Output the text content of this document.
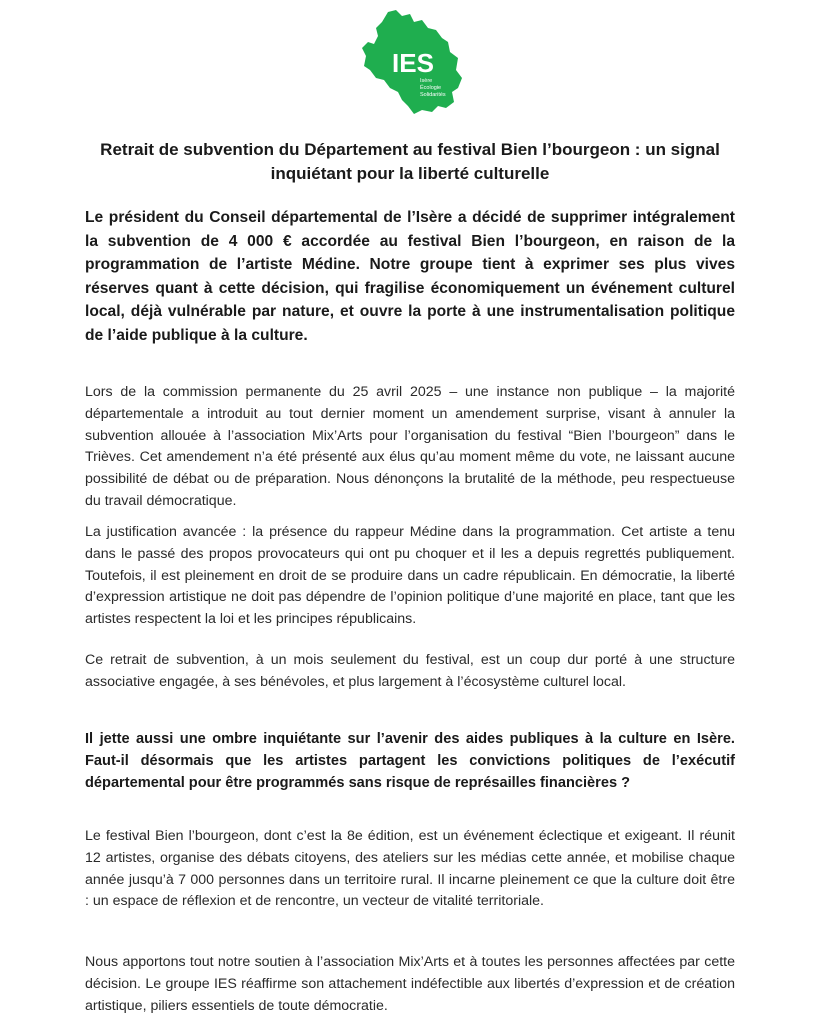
IES
Isère
Écologie
Solidarités
Retrait de subvention du Département au festival Bien l’bourgeon : un signal inquiétant pour la liberté culturelle

Le président du Conseil départemental de l’Isère a décidé de supprimer intégralement la subvention de 4 000 € accordée au festival Bien l’bourgeon, en raison de la programmation de l’artiste Médine. Notre groupe tient à exprimer ses plus vives réserves quant à cette décision, qui fragilise économiquement un événement culturel local, déjà vulnérable par nature, et ouvre la porte à une instrumentalisation politique de l’aide publique à la culture.

Lors de la commission permanente du 25 avril 2025 – une instance non publique – la majorité départementale a introduit au tout dernier moment un amendement surprise, visant à annuler la subvention allouée à l’association Mix’Arts pour l’organisation du festival “Bien l’bourgeon” dans le Trièves. Cet amendement n’a été présenté aux élus qu’au moment même du vote, ne laissant aucune possibilité de débat ou de préparation. Nous dénonçons la brutalité de la méthode, peu respectueuse du travail démocratique.

La justification avancée : la présence du rappeur Médine dans la programmation. Cet artiste a tenu dans le passé des propos provocateurs qui ont pu choquer et il les a depuis regrettés publiquement. Toutefois, il est pleinement en droit de se produire dans un cadre républicain. En démocratie, la liberté d’expression artistique ne doit pas dépendre de l’opinion politique d’une majorité en place, tant que les artistes respectent la loi et les principes républicains.

Ce retrait de subvention, à un mois seulement du festival, est un coup dur porté à une structure associative engagée, à ses bénévoles, et plus largement à l’écosystème culturel local.

Il jette aussi une ombre inquiétante sur l’avenir des aides publiques à la culture en Isère. Faut-il désormais que les artistes partagent les convictions politiques de l’exécutif départemental pour être programmés sans risque de représailles financières ?

Le festival Bien l’bourgeon, dont c’est la 8e édition, est un événement éclectique et exigeant. Il réunit 12 artistes, organise des débats citoyens, des ateliers sur les médias cette année, et mobilise chaque année jusqu’à 7 000 personnes dans un territoire rural. Il incarne pleinement ce que la culture doit être : un espace de réflexion et de rencontre, un vecteur de vitalité territoriale.

Nous apportons tout notre soutien à l’association Mix’Arts et à toutes les personnes affectées par cette décision. Le groupe IES réaffirme son attachement indéfectible aux libertés d’expression et de création artistique, piliers essentiels de toute démocratie.
